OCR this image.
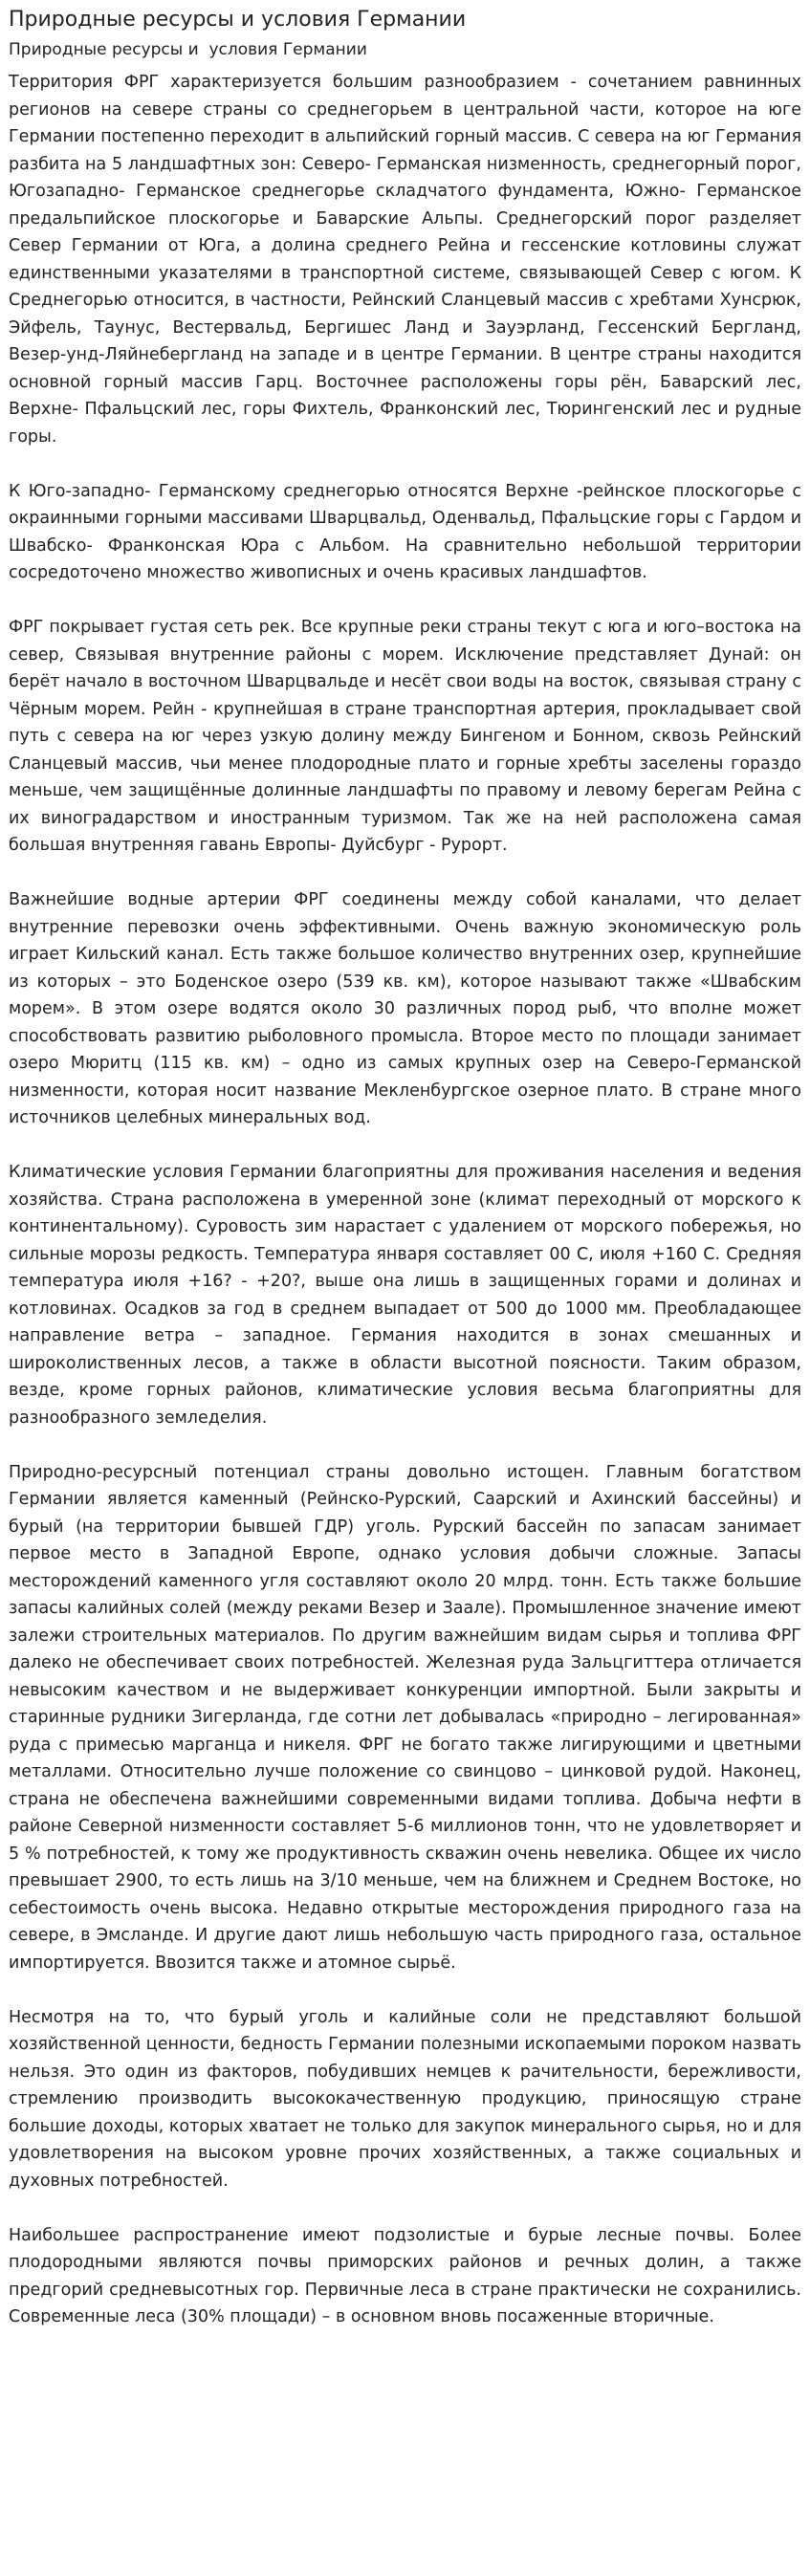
Природные ресурсы и условия Германии
Природные ресурсы и  условия Германии

Территория ФРГ характеризуется большим разнообразием - сочетанием равнинных регионов на севере страны со среднегорьем в центральной части, которое на юге Германии постепенно переходит в альпийский горный массив. С севера на юг Германия разбита на 5 ландшафтных зон: Северо- Германская низменность, среднегорный порог, Югозападно- Германское среднегорье складчатого фундамента, Южно- Германское предальпийское плоскогорье и Баварские Альпы. Среднегорский порог разделяет Север Германии от Юга, а долина среднего Рейна и гессенские котловины служат единственными указателями в транспортной системе, связывающей Север с югом. К Среднегорью относится, в частности, Рейнский Сланцевый массив с хребтами Хунсрюк, Эйфель, Таунус, Вестервальд, Бергишес Ланд и Зауэрланд, Гессенский Бергланд, Везер-унд-Ляйнебергланд на западе и в центре Германии. В центре страны находится основной горный массив Гарц. Восточнее расположены горы рён, Баварский лес, Верхне- Пфальцский лес, горы Фихтель, Франконский лес, Тюрингенский лес и рудные горы.

К Юго-западно- Германскому среднегорью относятся Верхне -рейнское плоскогорье с окраинными горными массивами Шварцвальд, Оденвальд, Пфальцские горы с Гардом и Швабско- Франконская Юра с Альбом. На сравнительно небольшой территории сосредоточено множество живописных и очень красивых ландшафтов.

ФРГ покрывает густая сеть рек. Все крупные реки страны текут с юга и юго–востока на север, Связывая внутренние районы с морем. Исключение представляет Дунай: он берёт начало в восточном Шварцвальде и несёт свои воды на восток, связывая страну с Чёрным морем. Рейн - крупнейшая в стране транспортная артерия, прокладывает свой путь с севера на юг через узкую долину между Бингеном и Бонном, сквозь Рейнский Сланцевый массив, чьи менее плодородные плато и горные хребты заселены гораздо меньше, чем защищённые долинные ландшафты по правому и левому берегам Рейна с их виноградарством и иностранным туризмом. Так же на ней расположена самая большая внутренняя гавань Европы- Дуйсбург - Рурорт.

Важнейшие водные артерии ФРГ соединены между собой каналами, что делает внутренние перевозки очень эффективными. Очень важную экономическую роль играет Кильский канал. Есть также большое количество внутренних озер, крупнейшие из которых – это Боденское озеро (539 кв. км), которое называют также «Швабским морем». В этом озере водятся около 30 различных пород рыб, что вполне может способствовать развитию рыболовного промысла. Второе место по площади занимает озеро Мюритц (115 кв. км) – одно из самых крупных озер на Северо-Германской низменности, которая носит название Мекленбургское озерное плато. В стране много источников целебных минеральных вод.

Климатические условия Германии благоприятны для проживания населения и ведения хозяйства. Страна расположена в умеренной зоне (климат переходный от морского к континентальному). Суровость зим нарастает с удалением от морского побережья, но сильные морозы редкость. Температура января составляет 00 С, июля +160 С. Средняя температура июля +16? - +20?, выше она лишь в защищенных горами и долинах и котловинах. Осадков за год в среднем выпадает от 500 до 1000 мм. Преобладающее направление ветра – западное. Германия находится в зонах смешанных и широколиственных лесов, а также в области высотной поясности. Таким образом, везде, кроме горных районов, климатические условия весьма благоприятны для разнообразного земледелия.

Природно-ресурсный потенциал страны довольно истощен. Главным богатством Германии является каменный (Рейнско-Рурский, Саарский и Ахинский бассейны) и бурый (на территории бывшей ГДР) уголь. Рурский бассейн по запасам занимает первое место в Западной Европе, однако условия добычи сложные. Запасы месторождений каменного угля составляют около 20 млрд. тонн. Есть также большие запасы калийных солей (между реками Везер и Заале). Промышленное значение имеют залежи строительных материалов. По другим важнейшим видам сырья и топлива ФРГ далеко не обеспечивает своих потребностей. Железная руда Зальцгиттера отличается невысоким качеством и не выдерживает конкуренции импортной. Были закрыты и старинные рудники Зигерланда, где сотни лет добывалась «природно – легированная» руда с примесью марганца и никеля. ФРГ не богато также лигирующими и цветными металлами. Относительно лучше положение со свинцово – цинковой рудой. Наконец, страна не обеспечена важнейшими современными видами топлива. Добыча нефти в районе Северной низменности составляет 5-6 миллионов тонн, что не удовлетворяет и 5 % потребностей, к тому же продуктивность скважин очень невелика. Общее их число превышает 2900, то есть лишь на 3/10 меньше, чем на ближнем и Среднем Востоке, но себестоимость очень высока. Недавно открытые месторождения природного газа на севере, в Эмсланде. И другие дают лишь небольшую часть природного газа, остальное импортируется. Ввозится также и атомное сырьё.

Несмотря на то, что бурый уголь и калийные соли не представляют большой хозяйственной ценности, бедность Германии полезными ископаемыми пороком назвать нельзя. Это один из факторов, побудивших немцев к рачительности, бережливости, стремлению производить высококачественную продукцию, приносящую стране большие доходы, которых хватает не только для закупок минерального сырья, но и для удовлетворения на высоком уровне прочих хозяйственных, а также социальных и духовных потребностей.

Наибольшее распространение имеют подзолистые и бурые лесные почвы. Более плодородными являются почвы приморских районов и речных долин, а также предгорий средневысотных гор. Первичные леса в стране практически не сохранились. Современные леса (30% площади) – в основном вновь посаженные вторичные.
